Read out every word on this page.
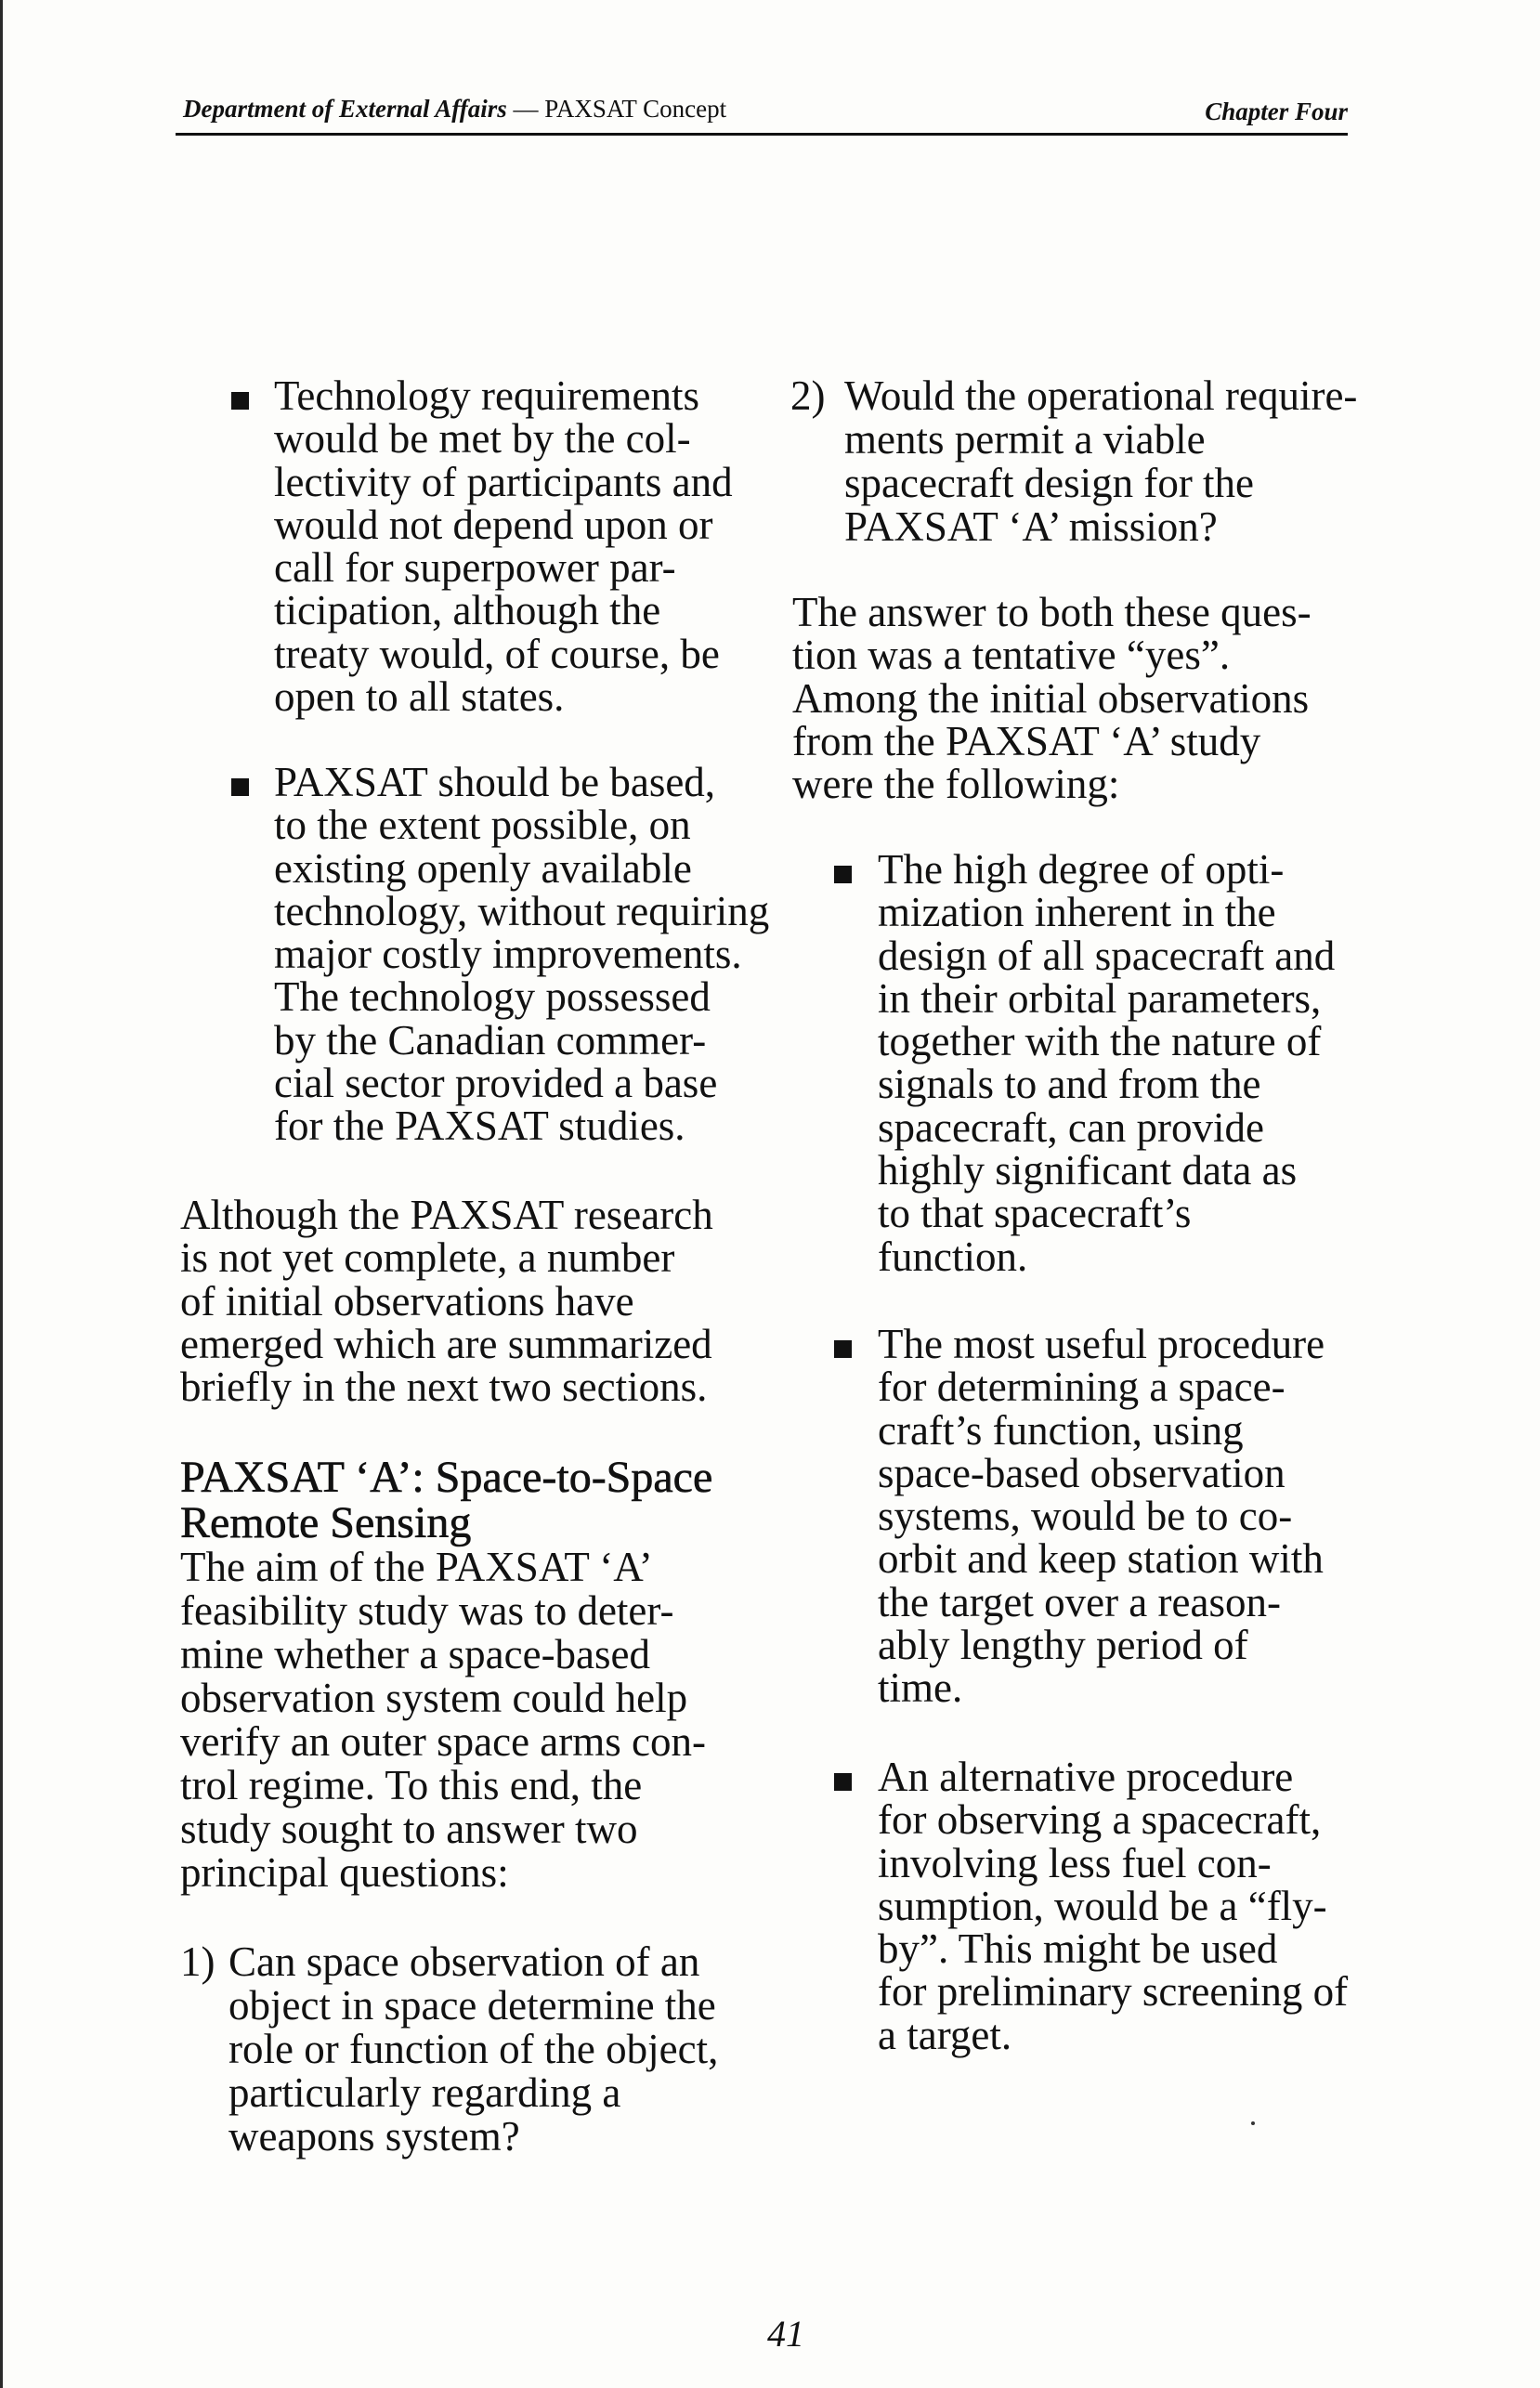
Department of External Affairs — PAXSAT Concept	Chapter Four

Technology requirements
would be met by the col-
lectivity of participants and
would not depend upon or
call for superpower par-
ticipation, although the
treaty would, of course, be
open to all states.

PAXSAT should be based,
to the extent possible, on
existing openly available
technology, without requiring
major costly improvements.
The technology possessed
by the Canadian commer-
cial sector provided a base
for the PAXSAT studies.

Although the PAXSAT research
is not yet complete, a number
of initial observations have
emerged which are summarized
briefly in the next two sections.
PAXSAT ‘A’: Space-to-Space
Remote Sensing
The aim of the PAXSAT ‘A’
feasibility study was to deter-
mine whether a space-based
observation system could help
verify an outer space arms con-
trol regime. To this end, the
study sought to answer two
principal questions:

1)

Can space observation of an
object in space determine the
role or function of the object,
particularly regarding a
weapons system?

2)

Would the operational require-
ments permit a viable
spacecraft design for the
PAXSAT ‘A’ mission?

The answer to both these ques-
tion was a tentative “yes”.
Among the initial observations
from the PAXSAT ‘A’ study
were the following:

The high degree of opti-
mization inherent in the
design of all spacecraft and
in their orbital parameters,
together with the nature of
signals to and from the
spacecraft, can provide
highly significant data as
to that spacecraft’s
function.

The most useful procedure
for determining a space-
craft’s function, using
space-based observation
systems, would be to co-
orbit and keep station with
the target over a reason-
ably lengthy period of
time.

An alternative procedure
for observing a spacecraft,
involving less fuel con-
sumption, would be a “fly-
by”. This might be used
for preliminary screening of
a target.

41
